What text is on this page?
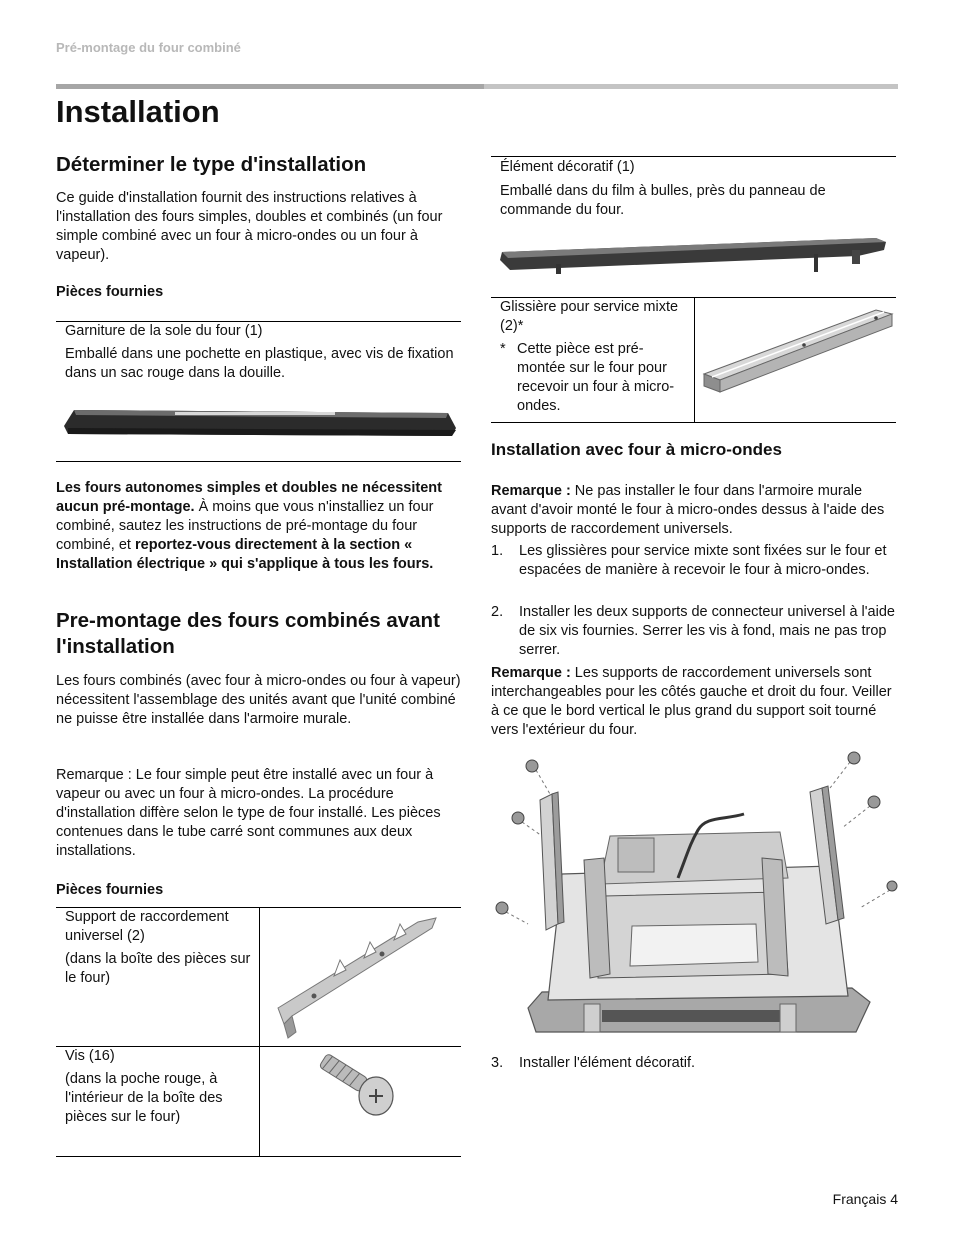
Pré-montage du four combiné
Installation
Déterminer le type d'installation

Ce guide d'installation fournit des instructions relatives à l'installation des fours simples, doubles et combinés (un four simple combiné avec un four à micro-ondes ou un four à vapeur).

Pièces fournies
Garniture de la sole du four (1)

Emballé dans une pochette en plastique, avec vis de fixation dans un sac rouge dans la douille.

Les fours autonomes simples et doubles ne nécessitent aucun pré-montage. À moins que vous n'installiez un four combiné, sautez les instructions de pré-montage du four combiné, et reportez-vous directement à la section « Installation électrique » qui s'applique à tous les fours.

Pre-montage des fours combinés avant l'installation

Les fours combinés (avec four à micro-ondes ou four à vapeur) nécessitent l'assemblage des unités avant que l'unité combiné ne puisse être installée dans l'armoire murale.

Remarque : Le four simple peut être installé avec un four à vapeur ou avec un four à micro-ondes. La procédure d'installation diffère selon le type de four installé. Les pièces contenues dans le tube carré sont communes aux deux installations.

Pièces fournies

Support de raccordement universel (2)

(dans la boîte des pièces sur le four)

Vis (16)

(dans la poche rouge, à l'intérieur de la boîte des pièces sur le four)

Élément décoratif (1)

Emballé dans du film à bulles, près du panneau de commande du four.

Glissière pour service mixte (2)*

* Cette pièce est pré-montée sur le four pour recevoir un four à micro-ondes.

Installation avec four à micro-ondes

Remarque : Ne pas installer le four dans l'armoire murale avant d'avoir monté le four à micro-ondes dessus à l'aide des supports de raccordement universels.

1.	Les glissières pour service mixte sont fixées sur le four et espacées de manière à recevoir le four à micro-ondes.

2.	Installer les deux supports de connecteur universel à l'aide de six vis fournies. Serrer les vis à fond, mais ne pas trop serrer.

Remarque : Les supports de raccordement universels sont interchangeables pour les côtés gauche et droit du four. Veiller à ce que le bord vertical le plus grand du support soit tourné vers l'extérieur du four.

3.	Installer l'élément décoratif.

Français 4
